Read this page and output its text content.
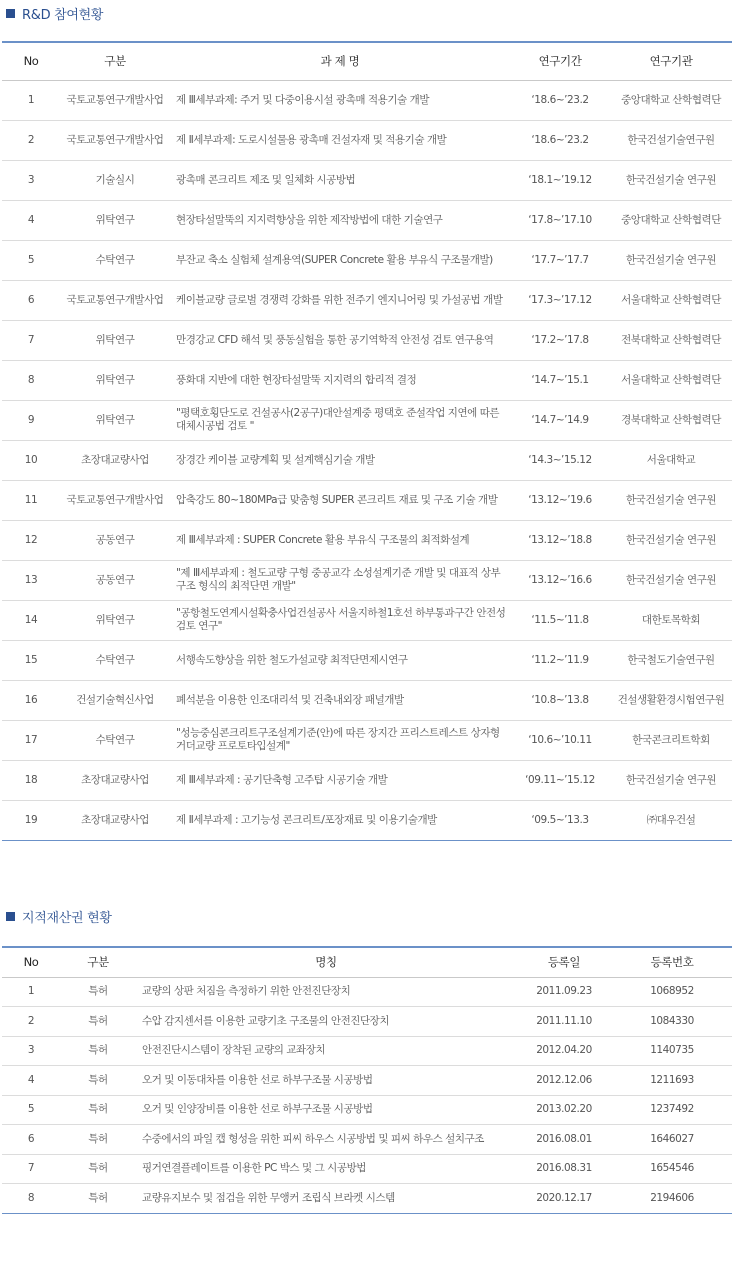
R&D 참여현황
No	구분	과 제 명	연구기간	연구기관
1	국토교통연구개발사업	제 Ⅲ세부과제: 주거 및 다중이용시설 광촉매 적용기술 개발	‘18.6~’23.2	중앙대학교 산학협력단
2	국토교통연구개발사업	제 Ⅱ세부과제: 도로시설물용 광촉매 건설자재 및 적용기술 개발	‘18.6~’23.2	한국건설기술연구원
3	기술실시	광촉매 콘크리트 제조 및 일체화 시공방법	‘18.1~’19.12	한국건설기술 연구원
4	위탁연구	현장타설말뚝의 지지력향상을 위한 제작방법에 대한 기술연구	‘17.8~’17.10	중앙대학교 산학협력단
5	수탁연구	부잔교 축소 실험체 설계용역(SUPER Concrete 활용 부유식 구조물개발)	‘17.7~’17.7	한국건설기술 연구원
6	국토교통연구개발사업	케이블교량 글로벌 경쟁력 강화를 위한 전주기 엔지니어링 및 가설공법 개발	‘17.3~’17.12	서울대학교 산학협력단
7	위탁연구	만경강교 CFD 해석 및 풍동실험을 통한 공기역학적 안전성 검토 연구용역	‘17.2~’17.8	전북대학교 산학협력단
8	위탁연구	풍화대 지반에 대한 현장타설말뚝 지지력의 합리적 결정	‘14.7~’15.1	서울대학교 산학협력단
9	위탁연구	"평택호횡단도로 건설공사(2공구)대안설계중 평택호 준설작업 지연에 따른 대체시공법 검토 "	‘14.7~’14.9	경북대학교 산학협력단
10	초장대교량사업	장경간 케이블 교량계획 및 설계핵심기술 개발	‘14.3~’15.12	서울대학교
11	국토교통연구개발사업	압축강도 80~180MPa급 맞춤형 SUPER 콘크리트 재료 및 구조 기술 개발	‘13.12~’19.6	한국건설기술 연구원
12	공동연구	제 Ⅲ세부과제 : SUPER Concrete 활용 부유식 구조물의 최적화설계	‘13.12~’18.8	한국건설기술 연구원
13	공동연구	"제 Ⅲ세부과제 : 철도교량 구형 중공교각 소성설계기준 개발 및 대표적 상부구조 형식의 최적단면 개발"	‘13.12~’16.6	한국건설기술 연구원
14	위탁연구	"공항철도연계시설확충사업건설공사 서울지하철1호선 하부통과구간 안전성검토 연구"	‘11.5~’11.8	대한토목학회
15	수탁연구	서행속도향상을 위한 철도가설교량 최적단면제시연구	‘11.2~’11.9	한국철도기술연구원
16	건설기술혁신사업	폐석분을 이용한 인조대리석 및 건축내외장 패널개발	‘10.8~’13.8	건설생활환경시험연구원
17	수탁연구	"성능중심콘크리트구조설계기준(안)에 따른 장지간 프리스트레스트 상자형거더교량 프로토타입설계"	‘10.6~’10.11	한국콘크리트학회
18	초장대교량사업	제 Ⅲ세부과제 : 공기단축형 고주탑 시공기술 개발	‘09.11~’15.12	한국건설기술 연구원
19	초장대교량사업	제 Ⅱ세부과제 : 고기능성 콘크리트/포장재료 및 이용기술개발	‘09.5~’13.3	㈜대우건설
지적재산권 현황
No	구분	명칭	등록일	등록번호
1	특허	교량의 상판 처짐을 측정하기 위한 안전진단장치	2011.09.23	1068952
2	특허	수압 감지센서를 이용한 교량기초 구조물의 안전진단장치	2011.11.10	1084330
3	특허	안전진단시스템이 장착된 교량의 교좌장치	2012.04.20	1140735
4	특허	오거 및 이동대차를 이용한 선로 하부구조물 시공방법	2012.12.06	1211693
5	특허	오거 및 인양장비를 이용한 선로 하부구조물 시공방법	2013.02.20	1237492
6	특허	수중에서의 파일 캡 형성을 위한 피씨 하우스 시공방법 및 피씨 하우스 설치구조	2016.08.01	1646027
7	특허	핑거연결플레이트를 이용한 PC 박스 및 그 시공방법	2016.08.31	1654546
8	특허	교량유지보수 및 점검을 위한 무앵커 조립식 브라켓 시스템	2020.12.17	2194606
